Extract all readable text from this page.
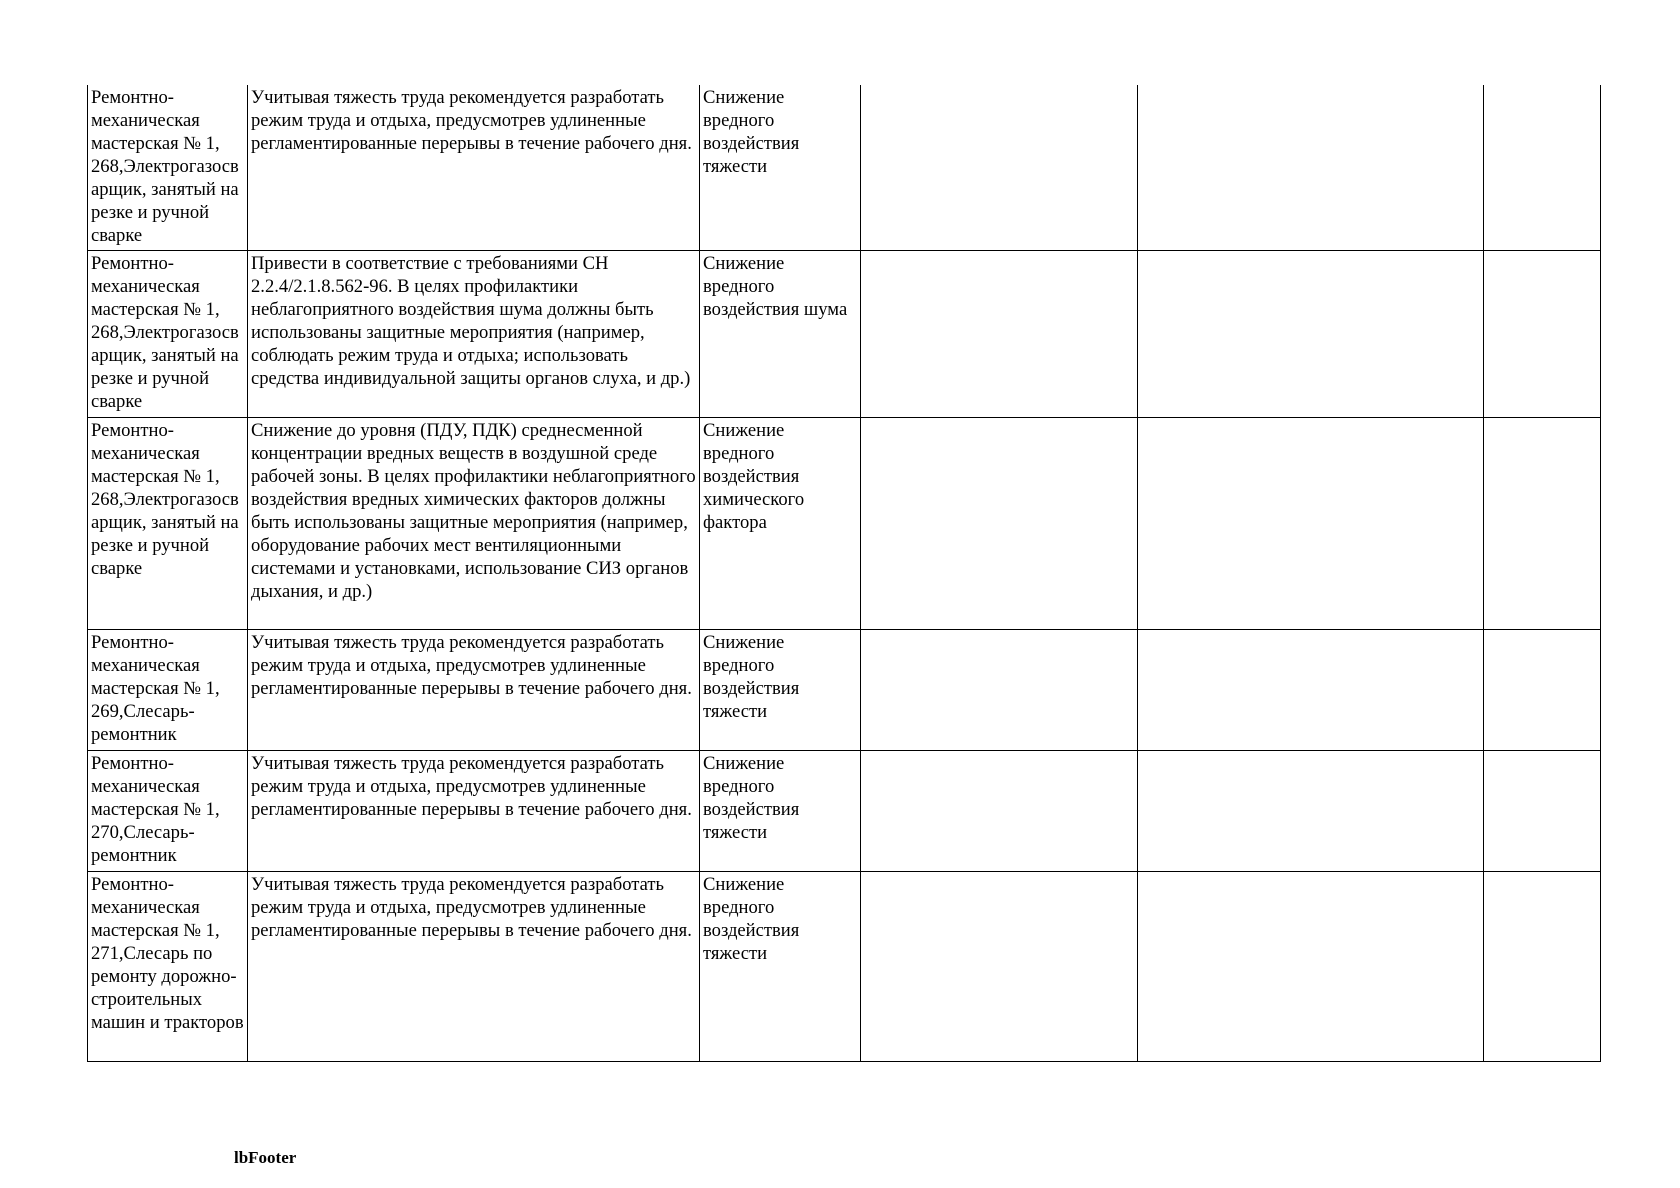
Ремонтно-механическая мастерская № 1, 268,Электрогазосварщик, занятый на резке и ручной сварке	Учитывая тяжесть труда рекомендуется разработать режим труда и отдыха, предусмотрев удлиненные регламентированные перерывы в течение рабочего дня.	Снижение вредного воздействия тяжести			
Ремонтно-механическая мастерская № 1, 268,Электрогазосварщик, занятый на резке и ручной сварке	Привести в соответствие с требованиями СН 2.2.4/2.1.8.562-96. В целях профилактики неблагоприятного воздействия шума должны быть использованы защитные мероприятия (например, соблюдать режим труда и отдыха; использовать средства индивидуальной защиты органов слуха, и др.)	Снижение вредного воздействия шума			
Ремонтно-механическая мастерская № 1, 268,Электрогазосварщик, занятый на резке и ручной сварке	Снижение до уровня (ПДУ, ПДК) среднесменной концентрации вредных веществ в воздушной среде рабочей зоны. В целях профилактики неблагоприятного воздействия вредных химических факторов должны быть использованы защитные мероприятия (например, оборудование рабочих мест вентиляционными системами и установками, использование СИЗ органов дыхания, и др.)	Снижение вредного воздействия химического фактора			
Ремонтно-механическая мастерская № 1, 269,Слесарь-ремонтник	Учитывая тяжесть труда рекомендуется разработать режим труда и отдыха, предусмотрев удлиненные регламентированные перерывы в течение рабочего дня.	Снижение вредного воздействия тяжести			
Ремонтно-механическая мастерская № 1, 270,Слесарь-ремонтник	Учитывая тяжесть труда рекомендуется разработать режим труда и отдыха, предусмотрев удлиненные регламентированные перерывы в течение рабочего дня.	Снижение вредного воздействия тяжести			
Ремонтно-механическая мастерская № 1, 271,Слесарь по ремонту дорожно-строительных машин и тракторов	Учитывая тяжесть труда рекомендуется разработать режим труда и отдыха, предусмотрев удлиненные регламентированные перерывы в течение рабочего дня.	Снижение вредного воздействия тяжести			
lbFooter
